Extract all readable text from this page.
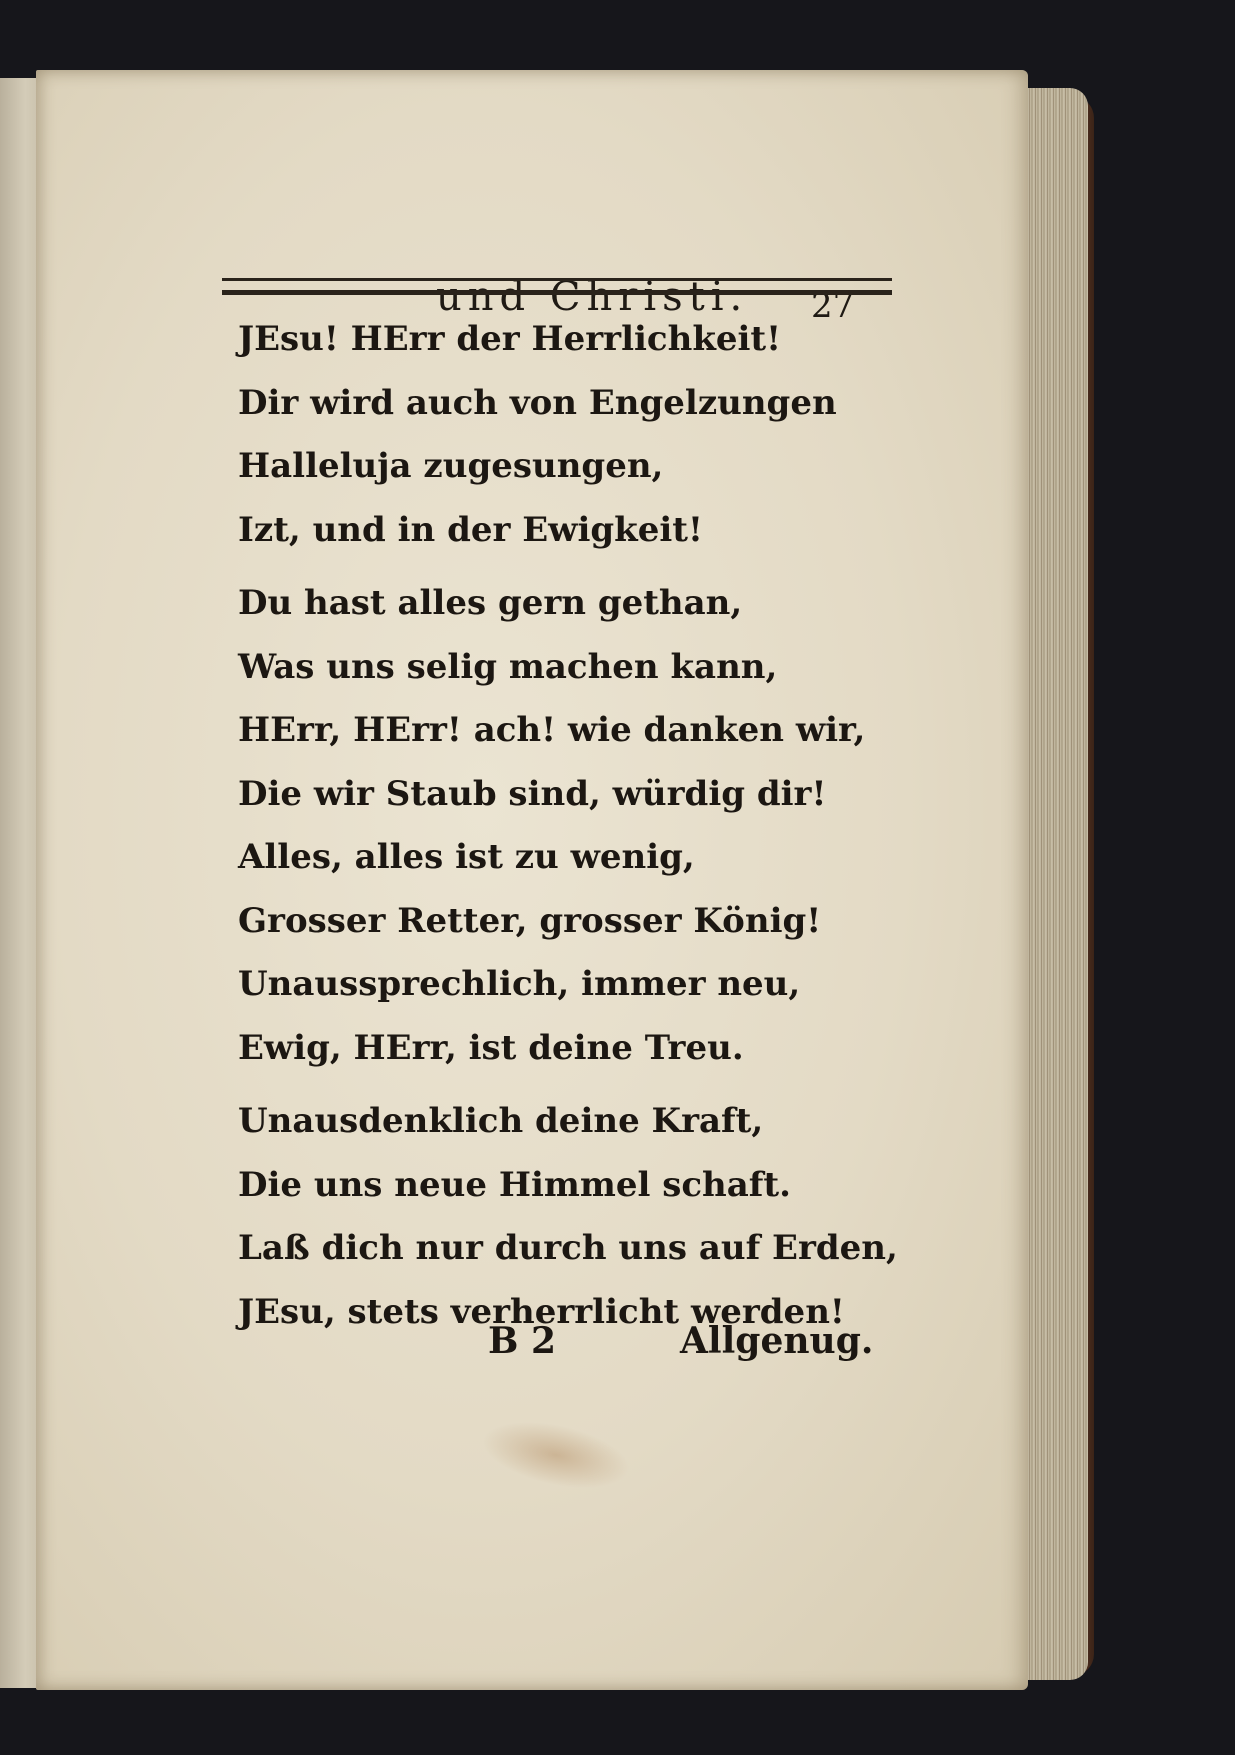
und Christi. 27
JEsu! HErr der Herrlichkeit!
Dir wird auch von Engelzungen
Halleluja zugesungen,
Izt, und in der Ewigkeit!
Du hast alles gern gethan,
Was uns selig machen kann,
HErr, HErr! ach! wie danken wir,
Die wir Staub sind, würdig dir!
Alles, alles ist zu wenig,
Grosser Retter, grosser König!
Unaussprechlich, immer neu,
Ewig, HErr, ist deine Treu.
Unausdenklich deine Kraft,
Die uns neue Himmel schaft.
Laß dich nur durch uns auf Erden,
JEsu, stets verherrlicht werden!
B 2	Allgenug.
